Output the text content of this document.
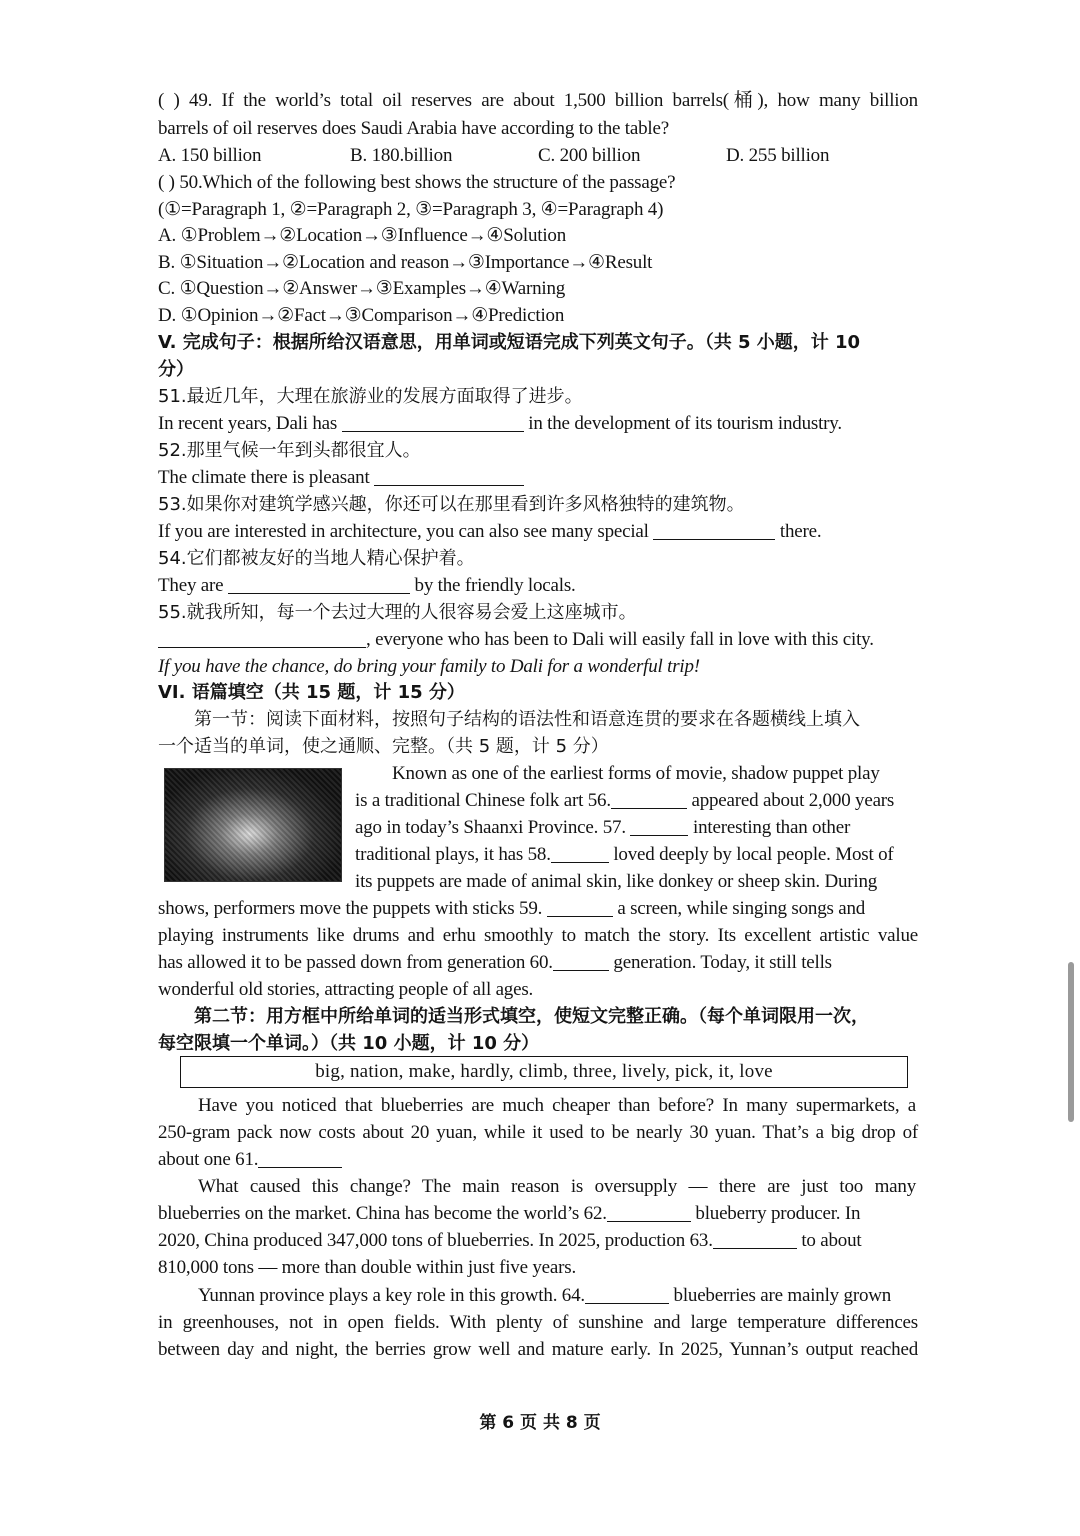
( ) 49. If the world’s total oil reserves are about 1,500 billion barrels(桶), how many billion
barrels of oil reserves does Saudi Arabia have according to the table?
A. 150 billion	B. 180.billion	C. 200 billion	D. 255 billion
( ) 50.Which of the following best shows the structure of the passage?
(①=Paragraph 1, ②=Paragraph 2, ③=Paragraph 3, ④=Paragraph 4)
A. ①Problem→②Location→③Influence→④Solution
B. ①Situation→②Location and reason→③Importance→④Result
C. ①Question→②Answer→③Examples→④Warning
D. ①Opinion→②Fact→③Comparison→④Prediction
V. 完成句子：根据所给汉语意思，用单词或短语完成下列英文句子。（共 5 小题，计 10
分）
51.最近几年，大理在旅游业的发展方面取得了进步。
In recent years, Dali has	in the development of its tourism industry.
52.那里气候一年到头都很宜人。
The climate there is pleasant
53.如果你对建筑学感兴趣，你还可以在那里看到许多风格独特的建筑物。
If you are interested in architecture, you can also see many special	there.
54.它们都被友好的当地人精心保护着。
They are	by the friendly locals.
55.就我所知，每一个去过大理的人很容易会爱上这座城市。
, everyone who has been to Dali will easily fall in love with this city.
If you have the chance, do bring your family to Dali for a wonderful trip!
VI. 语篇填空（共 15 题，计 15 分）
第一节：阅读下面材料，按照句子结构的语法性和语意连贯的要求在各题横线上填入
一个适当的单词，使之通顺、完整。（共 5 题，计 5 分）
Known as one of the earliest forms of movie, shadow puppet play
is a traditional Chinese folk art 56.	appeared about 2,000 years
ago in today’s Shaanxi Province. 57.	interesting than other
traditional plays, it has 58.	loved deeply by local people. Most of
its puppets are made of animal skin, like donkey or sheep skin. During
shows, performers move the puppets with sticks 59.	a screen, while singing songs and
playing instruments like drums and erhu smoothly to match the story. Its excellent artistic value
has allowed it to be passed down from generation 60.	generation. Today, it still tells
wonderful old stories, attracting people of all ages.
第二节：用方框中所给单词的适当形式填空，使短文完整正确。（每个单词限用一次，
每空限填一个单词。）（共 10 小题，计 10 分）
big, nation, make, hardly, climb, three, lively, pick, it, love
Have you noticed that blueberries are much cheaper than before? In many supermarkets, a
250-gram pack now costs about 20 yuan, while it used to be nearly 30 yuan. That’s a big drop of
about one 61.
What caused this change? The main reason is oversupply — there are just too many
blueberries on the market. China has become the world’s 62.	blueberry producer. In
2020, China produced 347,000 tons of blueberries. In 2025, production 63.	to about
810,000 tons — more than double within just five years.
Yunnan province plays a key role in this growth. 64.	blueberries are mainly grown
in greenhouses, not in open fields. With plenty of sunshine and large temperature differences
between day and night, the berries grow well and mature early. In 2025, Yunnan’s output reached
第 6 页 共 8 页
